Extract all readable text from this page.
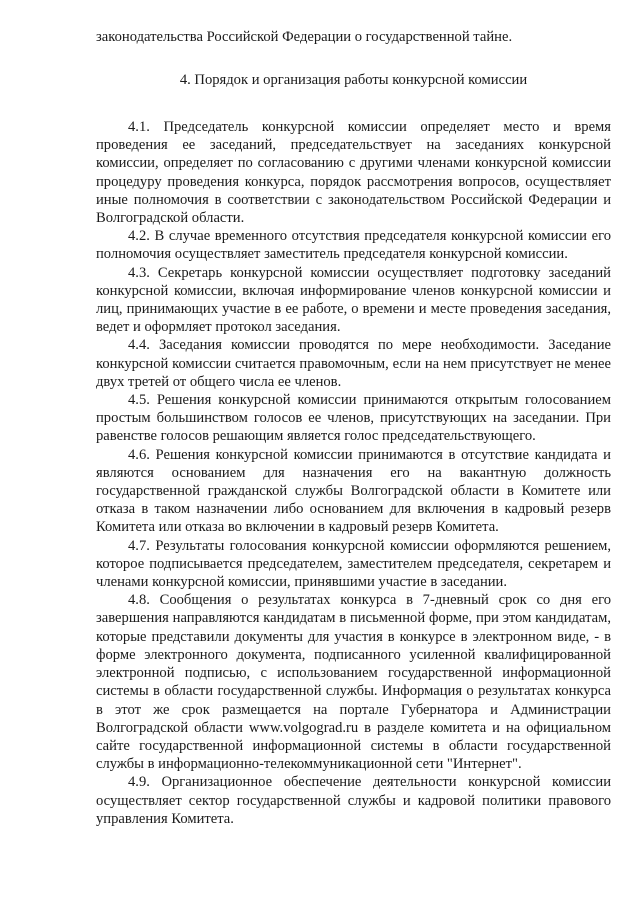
законодательства Российской Федерации о государственной тайне.

4. Порядок и организация работы конкурсной комиссии

4.1. Председатель конкурсной комиссии определяет место и время проведения ее заседаний, председательствует на заседаниях конкурсной комиссии, определяет по согласованию с другими членами конкурсной комиссии процедуру проведения конкурса, порядок рассмотрения вопросов, осуществляет иные полномочия в соответствии с законодательством Российской Федерации и Волгоградской области.

4.2. В случае временного отсутствия председателя конкурсной комиссии его полномочия осуществляет заместитель председателя конкурсной комиссии.

4.3. Секретарь конкурсной комиссии осуществляет подготовку заседаний конкурсной комиссии, включая информирование членов конкурсной комиссии и лиц, принимающих участие в ее работе, о времени и месте проведения заседания, ведет и оформляет протокол заседания.

4.4. Заседания комиссии проводятся по мере необходимости. Заседание конкурсной комиссии считается правомочным, если на нем присутствует не менее двух третей от общего числа ее членов.

4.5. Решения конкурсной комиссии принимаются открытым голосованием простым большинством голосов ее членов, присутствующих на заседании. При равенстве голосов решающим является голос председательствующего.

4.6. Решения конкурсной комиссии принимаются в отсутствие кандидата и являются основанием для назначения его на вакантную должность государственной гражданской службы Волгоградской области в Комитете или отказа в таком назначении либо основанием для включения в кадровый резерв Комитета или отказа во включении в кадровый резерв Комитета.

4.7. Результаты голосования конкурсной комиссии оформляются решением, которое подписывается председателем, заместителем председателя, секретарем и членами конкурсной комиссии, принявшими участие в заседании.

4.8. Сообщения о результатах конкурса в 7-дневный срок со дня его завершения направляются кандидатам в письменной форме, при этом кандидатам, которые представили документы для участия в конкурсе в электронном виде, - в форме электронного документа, подписанного усиленной квалифицированной электронной подписью, с использованием государственной информационной системы в области государственной службы. Информация о результатах конкурса в этот же срок размещается на портале Губернатора и Администрации Волгоградской области www.volgograd.ru в разделе комитета и на официальном сайте государственной информационной системы в области государственной службы в информационно-телекоммуникационной сети "Интернет".

4.9. Организационное обеспечение деятельности конкурсной комиссии осуществляет сектор государственной службы и кадровой политики правового управления Комитета.
